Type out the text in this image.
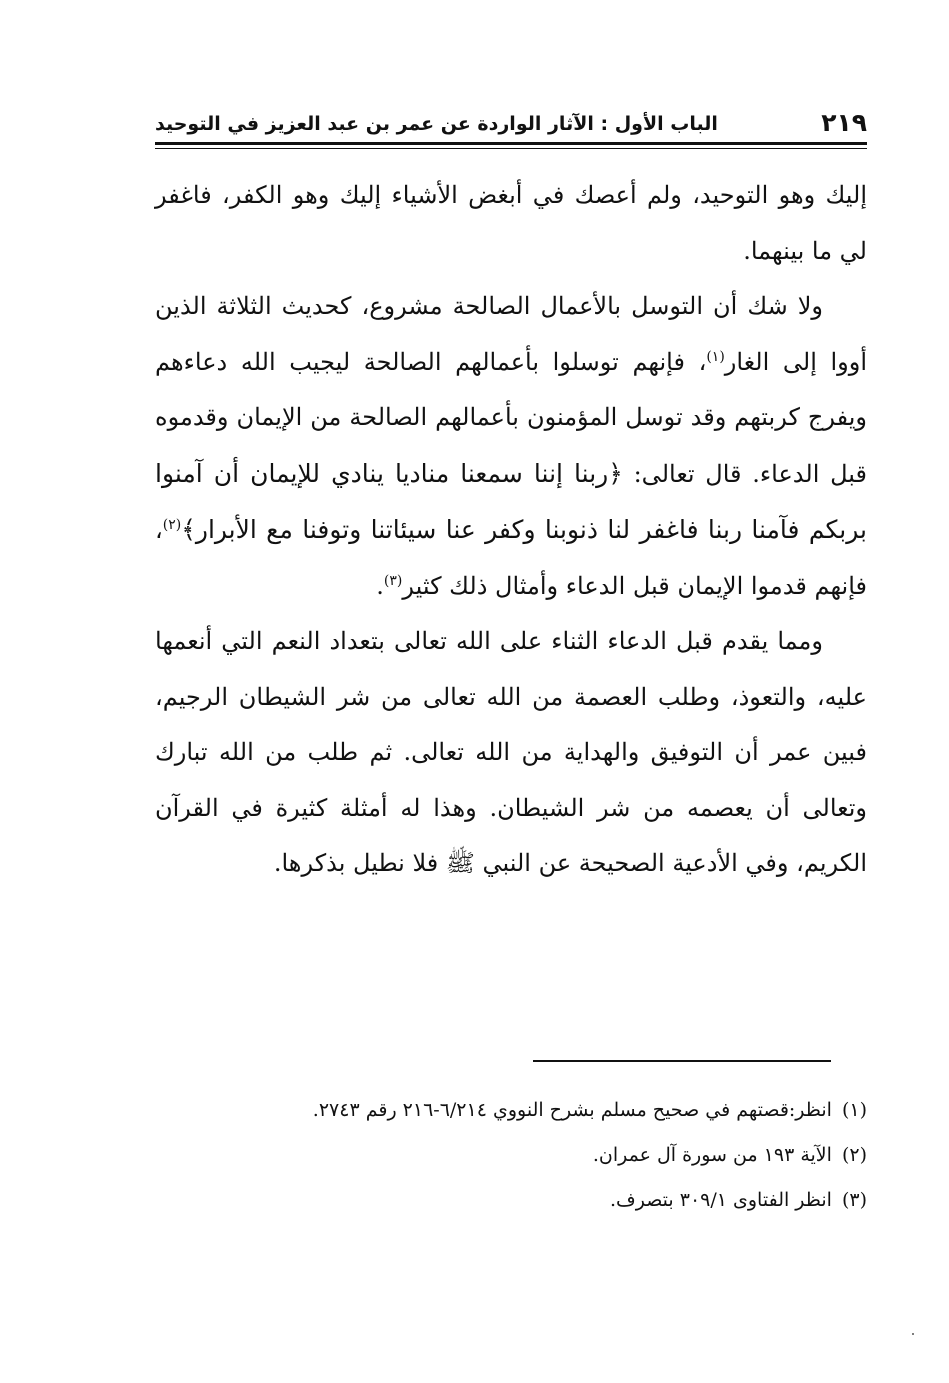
٢١٩
الباب الأول : الآثار الواردة عن عمر بن عبد العزيز في التوحيد

إليك وهو التوحيد، ولم أعصك في أبغض الأشياء إليك وهو الكفر، فاغفر لي ما بينهما.

ولا شك أن التوسل بالأعمال الصالحة مشروع، كحديث الثلاثة الذين أووا إلى الغار$^{(١)}$، فإنهم توسلوا بأعمالهم الصالحة ليجيب الله دعاءهم ويفرج كربتهم وقد توسل المؤمنون بأعمالهم الصالحة من الإيمان وقدموه قبل الدعاء. قال تعالى: ﴿ربنا إننا سمعنا مناديا ينادي للإيمان أن آمنوا بربكم فآمنا ربنا فاغفر لنا ذنوبنا وكفر عنا سيئاتنا وتوفنا مع الأبرار﴾$^{(٢)}$، فإنهم قدموا الإيمان قبل الدعاء وأمثال ذلك كثير$^{(٣)}$.

ومما يقدم قبل الدعاء الثناء على الله تعالى بتعداد النعم التي أنعمها عليه، والتعوذ، وطلب العصمة من الله تعالى من شر الشيطان الرجيم، فبين عمر أن التوفيق والهداية من الله تعالى. ثم طلب من الله تبارك وتعالى أن يعصمه من شر الشيطان. وهذا له أمثلة كثيرة في القرآن الكريم، وفي الأدعية الصحيحة عن النبي ﷺ فلا نطيل بذكرها.

(١)انظر:قصتهم في صحيح مسلم بشرح النووي ٦/٢١٤-٢١٦ رقم ٢٧٤٣.

(٢)الآية ١٩٣ من سورة آل عمران.

(٣)انظر الفتاوى ٣٠٩/١ بتصرف.
